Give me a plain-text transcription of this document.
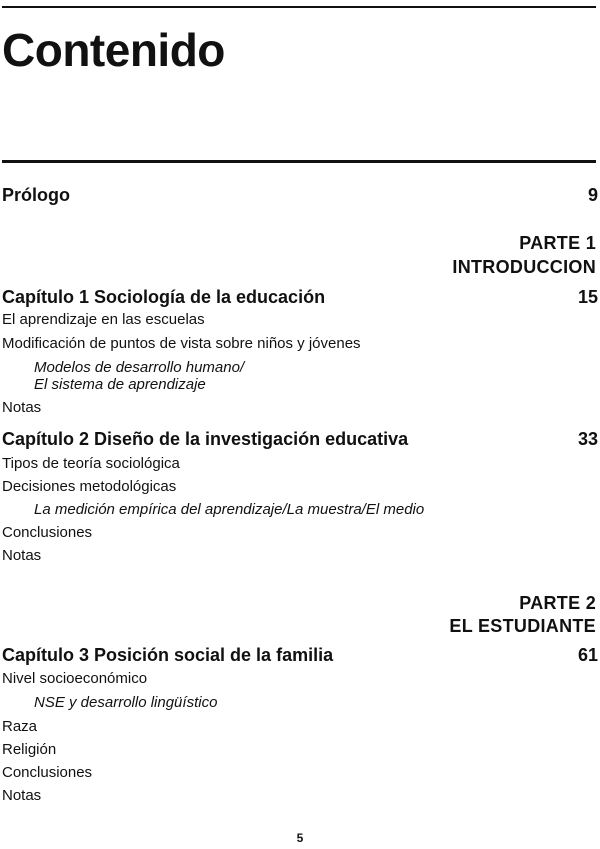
Contenido
Prólogo	9
PARTE 1
INTRODUCCION
Capítulo 1 Sociología de la educación	15
El aprendizaje en las escuelas
Modificación de puntos de vista sobre niños y jóvenes
Modelos de desarrollo humano/
El sistema de aprendizaje
Notas
Capítulo 2 Diseño de la investigación educativa	33
Tipos de teoría sociológica
Decisiones metodológicas
La medición empírica del aprendizaje/La muestra/El medio
Conclusiones
Notas
PARTE 2
EL ESTUDIANTE
Capítulo 3 Posición social de la familia	61
Nivel socioeconómico
NSE y desarrollo lingüístico
Raza
Religión
Conclusiones
Notas
5
